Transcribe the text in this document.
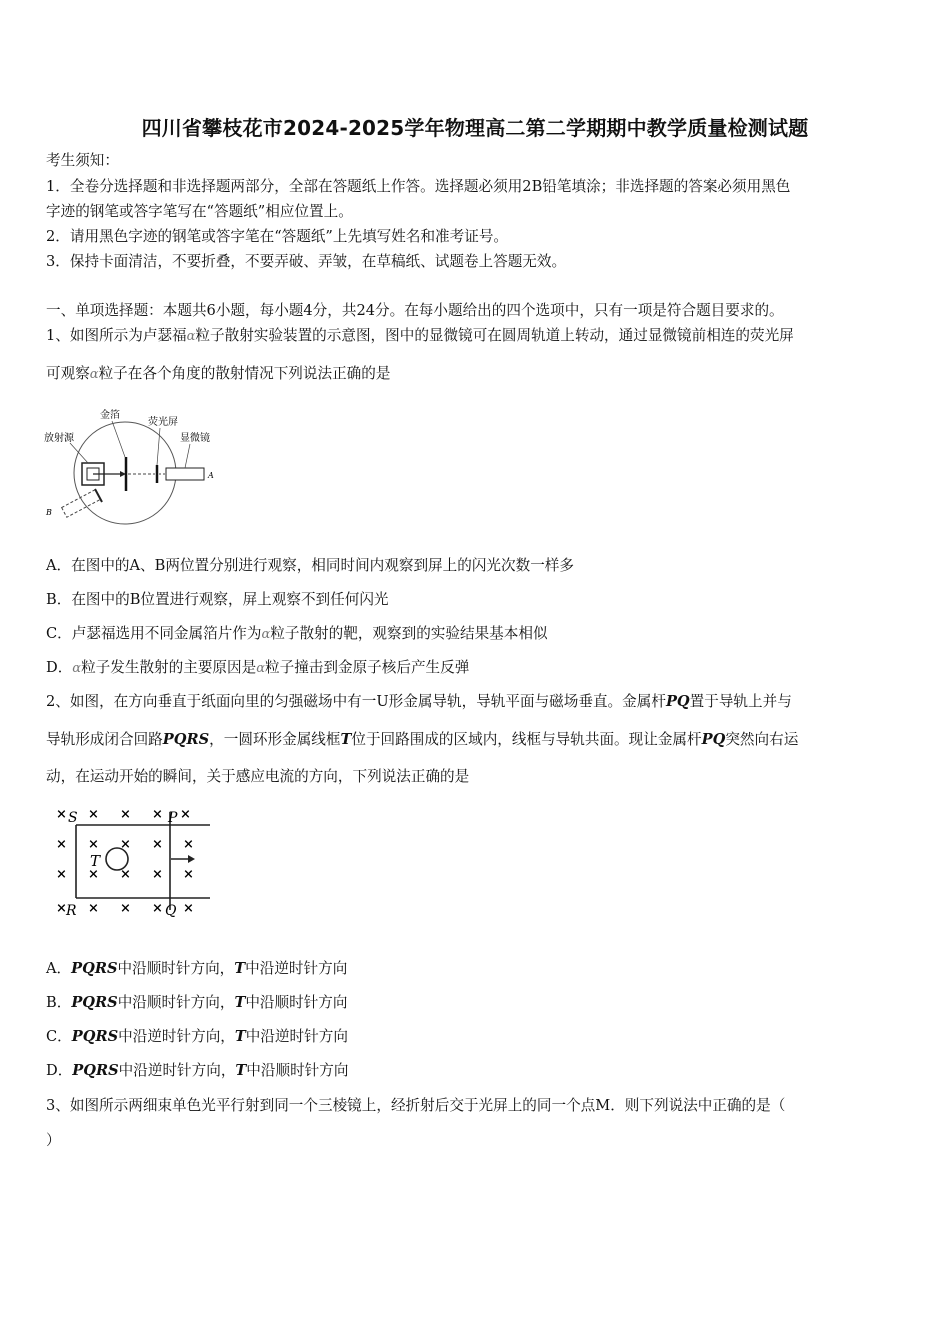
四川省攀枝花市2024-2025学年物理高二第二学期期中教学质量检测试题
考生须知：
1．全卷分选择题和非选择题两部分，全部在答题纸上作答。选择题必须用2B铅笔填涂；非选择题的答案必须用黑色
字迹的钢笔或答字笔写在“答题纸”相应位置上。
2．请用黑色字迹的钢笔或答字笔在“答题纸”上先填写姓名和准考证号。
3．保持卡面清洁，不要折叠，不要弄破、弄皱，在草稿纸、试题卷上答题无效。
一、单项选择题：本题共6小题，每小题4分，共24分。在每小题给出的四个选项中，只有一项是符合题目要求的。
1、如图所示为卢瑟福α粒子散射实验装置的示意图，图中的显微镜可在圆周轨道上转动，通过显微镜前相连的荧光屏
可观察α粒子在各个角度的散射情况下列说法正确的是
A
B
放射源
金箔
荧光屏
显微镜
A．在图中的A、B两位置分别进行观察，相同时间内观察到屏上的闪光次数一样多
B．在图中的B位置进行观察，屏上观察不到任何闪光
C．卢瑟福选用不同金属箔片作为α粒子散射的靶，观察到的实验结果基本相似
D．α粒子发生散射的主要原因是α粒子撞击到金原子核后产生反弹
2、如图，在方向垂直于纸面向里的匀强磁场中有一U形金属导轨，导轨平面与磁场垂直。金属杆PQ置于导轨上并与
导轨形成闭合回路PQRS，一圆环形金属线框T位于回路围成的区域内，线框与导轨共面。现让金属杆PQ突然向右运
动，在运动开始的瞬间，关于感应电流的方向，下列说法正确的是
S	P
R	Q
T
× × × × ×
× × × × ×
× × × × ×
× × × × ×
A．PQRS中沿顺时针方向，T中沿逆时针方向
B．PQRS中沿顺时针方向，T中沿顺时针方向
C．PQRS中沿逆时针方向，T中沿逆时针方向
D．PQRS中沿逆时针方向，T中沿顺时针方向
3、如图所示两细束单色光平行射到同一个三棱镜上，经折射后交于光屏上的同一个点M．则下列说法中正确的是（
）
